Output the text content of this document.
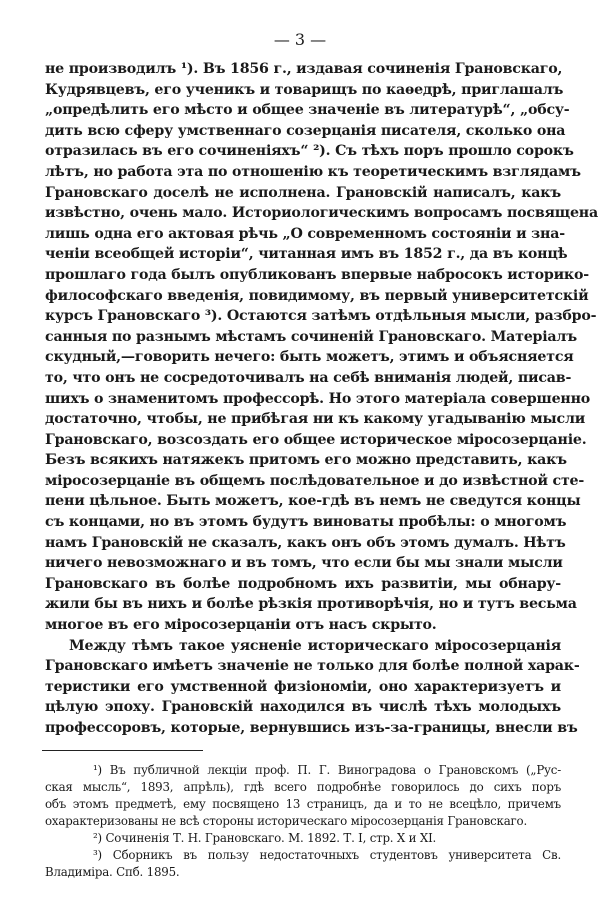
— 3 —
не производилъ ¹). Въ 1856 г., издавая сочиненія Грановскаго,
Кудрявцевъ, его ученикъ и товарищъ по каѳедрѣ, приглашалъ
„опредѣлить его мѣсто и общее значеніе въ литературѣ“, „обсу-
дить всю сферу умственнаго созерцанія писателя, сколько она
отразилась въ его сочиненіяхъ“ ²). Съ тѣхъ поръ прошло сорокъ
лѣтъ, но работа эта по отношенію къ теоретическимъ взглядамъ
Грановскаго доселѣ не исполнена. Грановскій написалъ, какъ
извѣстно, очень мало. Историологическимъ вопросамъ посвящена
лишь одна его актовая рѣчь „О современномъ состояніи и зна-
ченіи всеобщей исторіи“, читанная имъ въ 1852 г., да въ концѣ
прошлаго года былъ опубликованъ впервые набросокъ историко-
философскаго введенія, повидимому, въ первый университетскій
курсъ Грановскаго ³). Остаются затѣмъ отдѣльныя мысли, разбро-
санныя по разнымъ мѣстамъ сочиненій Грановскаго. Матеріалъ
скудный,—говорить нечего: быть можетъ, этимъ и объясняется
то, что онъ не сосредоточивалъ на себѣ вниманія людей, писав-
шихъ о знаменитомъ профессорѣ. Но этого матеріала совершенно
достаточно, чтобы, не прибѣгая ни къ какому угадыванію мысли
Грановскаго, возсоздать его общее историческое міросозерцаніе.
Безъ всякихъ натяжекъ притомъ его можно представить, какъ
міросозерцаніе въ общемъ послѣдовательное и до извѣстной сте-
пени цѣльное. Быть можетъ, кое-гдѣ въ немъ не сведутся концы
съ концами, но въ этомъ будутъ виноваты пробѣлы: о многомъ
намъ Грановскій не сказалъ, какъ онъ объ этомъ думалъ. Нѣтъ
ничего невозможнаго и въ томъ, что если бы мы знали мысли
Грановскаго въ болѣе подробномъ ихъ развитіи, мы обнару-
жили бы въ нихъ и болѣе рѣзкія противорѣчія, но и тутъ весьма
многое въ его міросозерцаніи отъ насъ скрыто.
Между тѣмъ такое уясненіе историческаго міросозерцанія
Грановскаго имѣетъ значеніе не только для болѣе полной харак-
теристики его умственной физіономіи, оно характеризуетъ и
цѣлую эпоху. Грановскій находился въ числѣ тѣхъ молодыхъ
профессоровъ, которые, вернувшись изъ-за-границы, внесли въ
¹) Въ публичной лекціи проф. П. Г. Виноградова о Грановскомъ („Рус-
ская мысль“, 1893, апрѣль), гдѣ всего подробнѣе говорилось до сихъ поръ
объ этомъ предметѣ, ему посвящено 13 страницъ, да и то не всецѣло, причемъ
охарактеризованы не всѣ стороны историческаго міросозерцанія Грановскаго.
²) Сочиненія Т. Н. Грановскаго. М. 1892. Т. I, стр. X и XI.
³) Сборникъ въ пользу недостаточныхъ студентовъ университета Св.
Владиміра. Спб. 1895.
